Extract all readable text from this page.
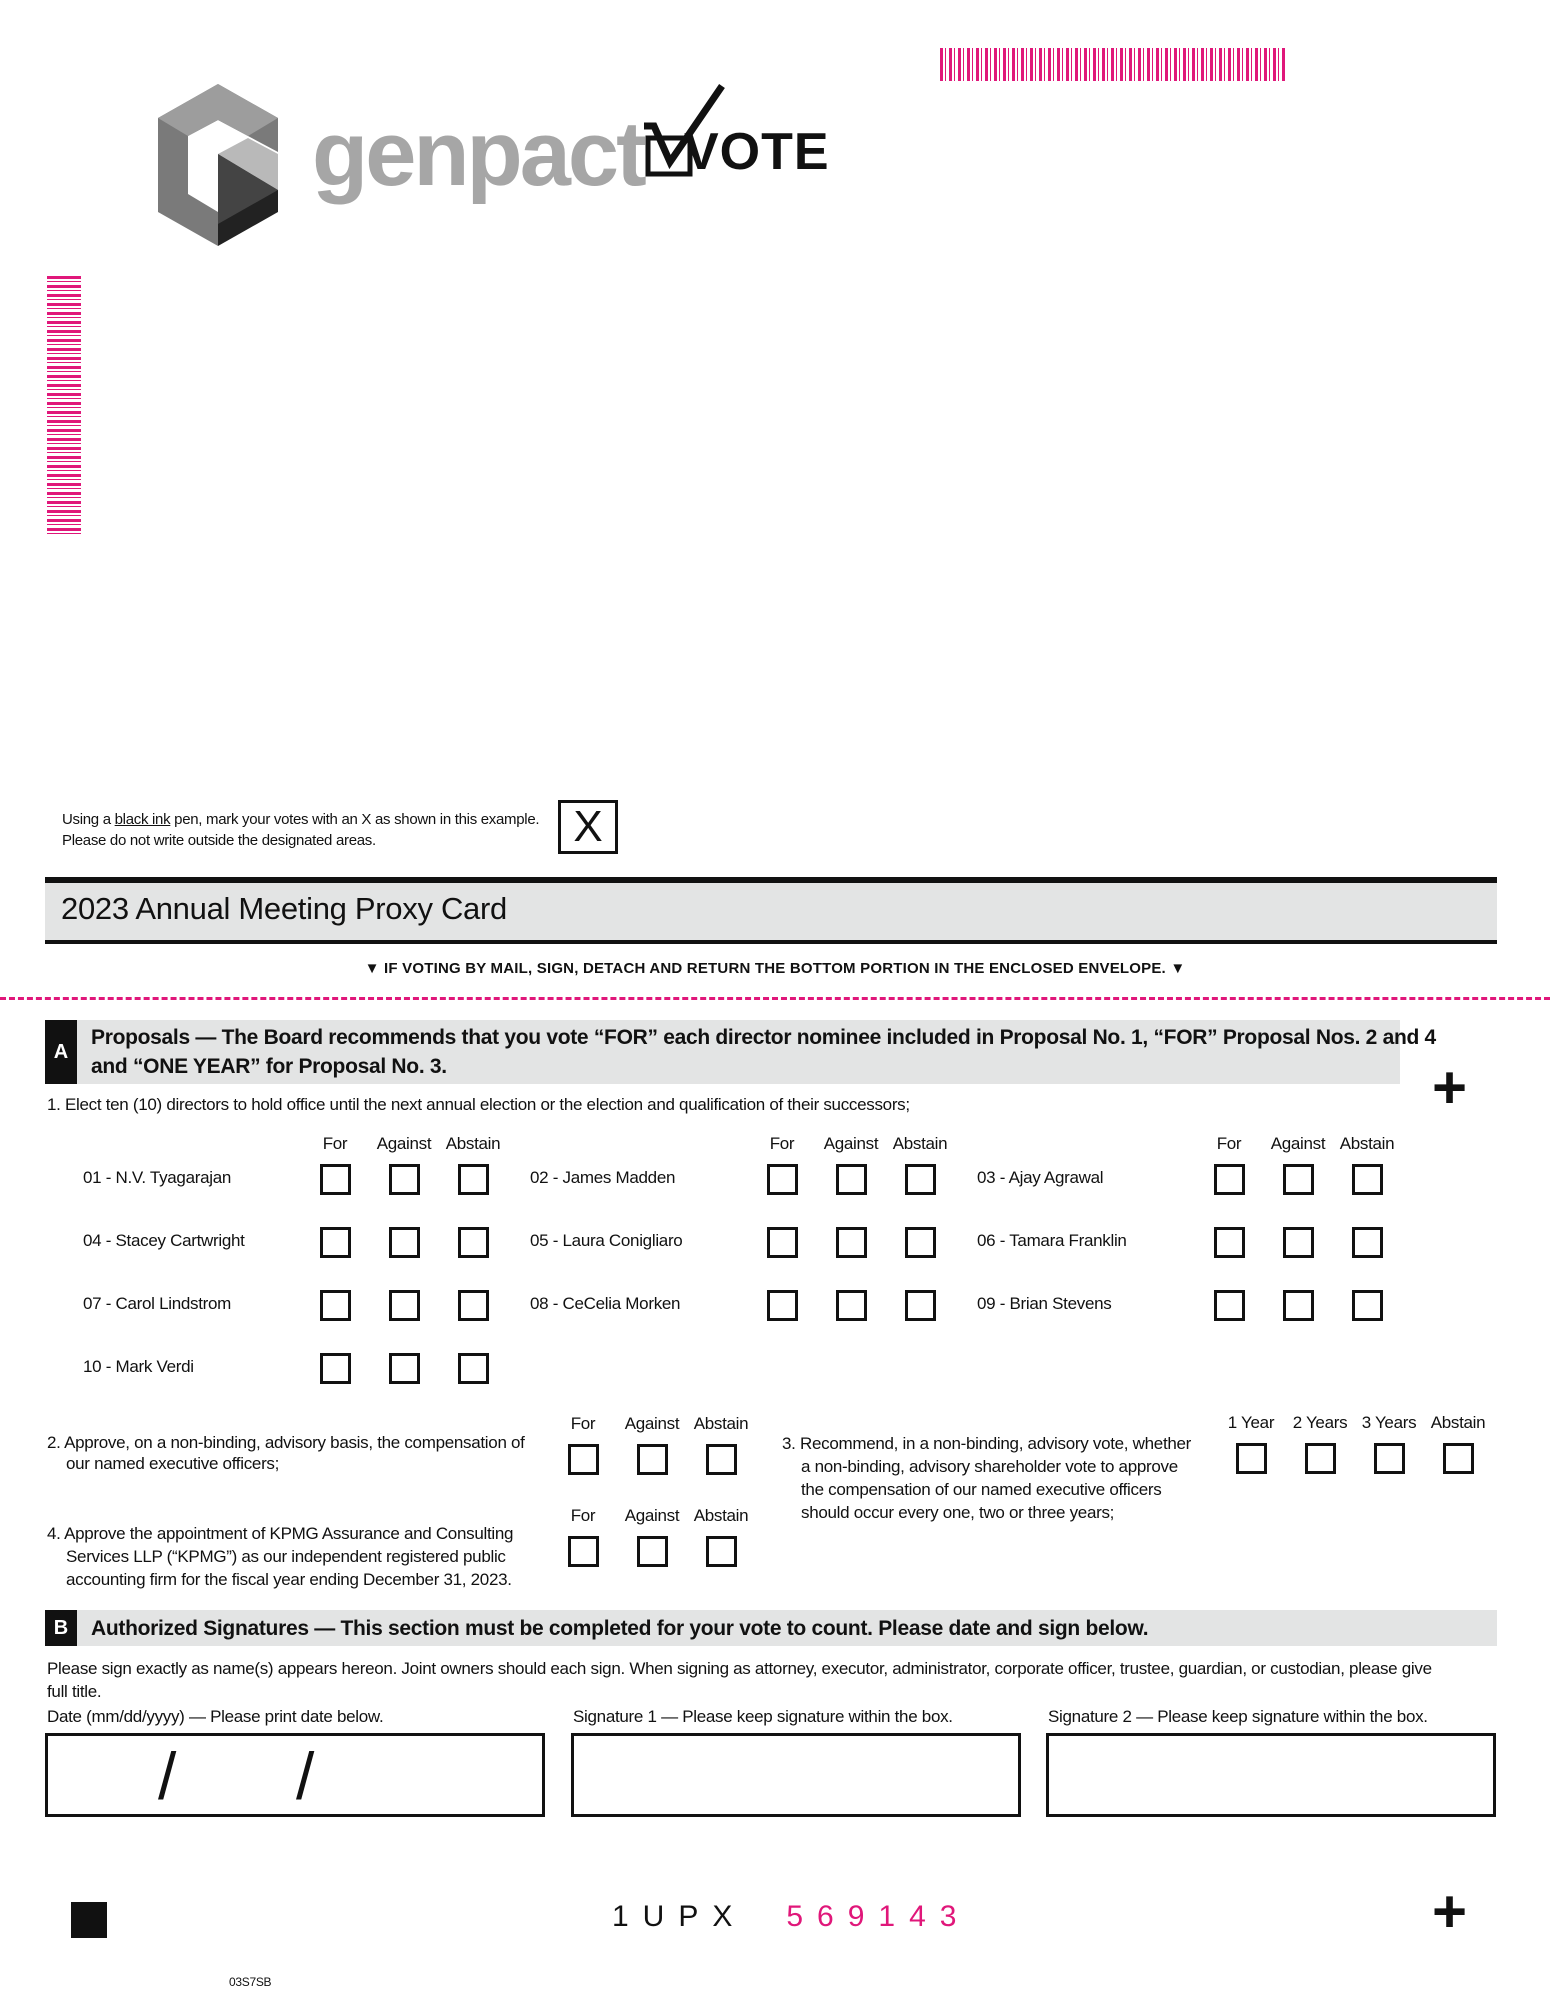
genpact VOTE
Using a black ink pen, mark your votes with an X as shown in this example.
Please do not write outside the designated areas.	X
2023 Annual Meeting Proxy Card
▼ IF VOTING BY MAIL, SIGN, DETACH AND RETURN THE BOTTOM PORTION IN THE ENCLOSED ENVELOPE. ▼
A
Proposals — The Board recommends that you vote “FOR” each director nominee included in Proposal No. 1, “FOR” Proposal Nos. 2 and 4
and “ONE YEAR” for Proposal No. 3.	+
1. Elect ten (10) directors to hold office until the next annual election or the election and qualification of their successors;
For	Against Abstain	For	Against Abstain	For	Against Abstain
01 - N.V. Tyagarajan	02 - James Madden	03 - Ajay Agrawal
04 - Stacey Cartwright	05 - Laura Conigliaro	06 - Tamara Franklin
07 - Carol Lindstrom	08 - CeCelia Morken	09 - Brian Stevens
10 - Mark Verdi
2. Approve, on a non-binding, advisory basis, the compensation of
our named executive officers;
For	Against Abstain
4. Approve the appointment of KPMG Assurance and Consulting
Services LLP (“KPMG”) as our independent registered public
accounting firm for the fiscal year ending December 31, 2023.
For	Against Abstain
3. Recommend, in a non-binding, advisory vote, whether
a non-binding, advisory shareholder vote to approve
the compensation of our named executive officers
should occur every one, two or three years;
1 Year	2 Years 3 Years Abstain
B	Authorized Signatures — This section must be completed for your vote to count. Please date and sign below.
Please sign exactly as name(s) appears hereon. Joint owners should each sign. When signing as attorney, executor, administrator, corporate officer, trustee, guardian, or custodian, please give
full title.
Date (mm/dd/yyyy) — Please print date below.	Signature 1 — Please keep signature within the box.	Signature 2 — Please keep signature within the box.
/ /
1UPX 569143	+
03S7SB
